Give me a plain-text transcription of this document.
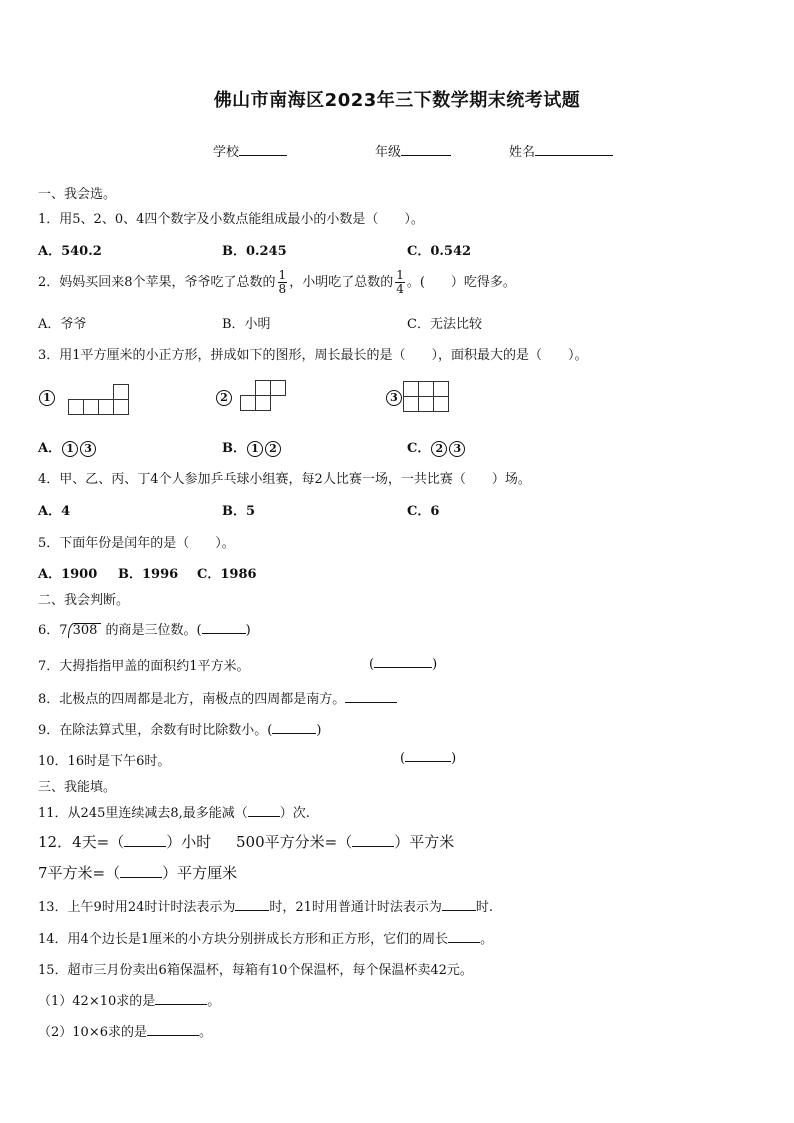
佛山市南海区2023年三下数学期末统考试题
学校	年级	姓名
一、我会选。
1．用5、2、0、4四个数字及小数点能组成最小的小数是（　　）。
A．540.2	B．0.245	C．0.542
2．妈妈买回来8个苹果，爷爷吃了总数的 $\frac{1}{8}$ ，小明吃了总数的 $\frac{1}{4}$ 。(　　）吃得多。
A．爷爷	B．小明	C．无法比较
3．用1平方厘米的小正方形，拼成如下的图形，周长最长的是（　　），面积最大的是（　　）。
1	2	3
A． 1 3	B． 1 2	C． 2 3
4．甲、乙、丙、丁4个人参加乒乓球小组赛，每2人比赛一场，一共比赛（　　）场。
A．4	B．5	C．6
5．下面年份是闰年的是（　　）。
A．1900 B．1996 C．1986
二、我会判断。
6．7 308 的商是三位数。(	)
7．大拇指指甲盖的面积约1平方米。	(	)
8．北极点的四周都是北方，南极点的四周都是南方。
9．在除法算式里，余数有时比除数小。(	)
10．16时是下午6时。	(	)
三、我能填。
11．从245里连续减去8,最多能减（ ）次.
12．4天=（	）小时 500平方分米=（	）平方米
7平方米=（	）平方厘米
13．上午9时用24时计时法表示为	时，21时用普通计时法表示为	时.
14．用4个边长是1厘米的小方块分别拼成长方形和正方形，它们的周长 。
15．超市三月份卖出6箱保温杯，每箱有10个保温杯，每个保温杯卖42元。
（1）42×10求的是	。
（2）10×6求的是	。
